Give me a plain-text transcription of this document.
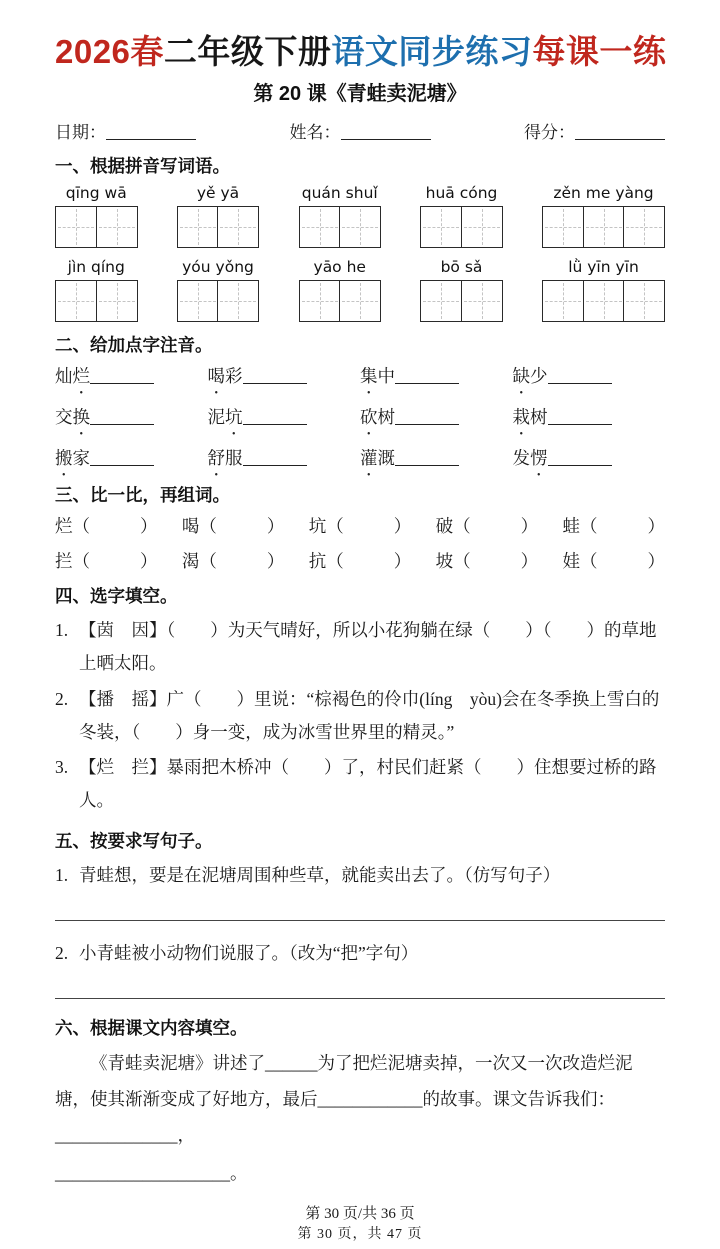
2026春二年级下册语文同步练习每课一练
第 20 课《青蛙卖泥塘》
日期：	姓名：	得分：
一、根据拼音写词语。
qīng wā	yě yā	quán shuǐ	huā cóng	zěn me yàng
jìn qíng	yóu yǒng	yāo he	bō sǎ	lǜ yīn yīn
二、给加点字注音。
灿烂	喝彩	集中	缺少
交换	泥坑	砍树	栽树
搬家	舒服	灌溉	发愣
三、比一比，再组词。
烂（	） 喝（	） 坑（	） 破（	） 蛙（	）
拦（	） 渴（	） 抗（	） 坡（	） 娃（	）
四、选字填空。
1. 【茵　因】（　　）为天气晴好，所以小花狗躺在绿（　　）（　　）的草地上晒太阳。
2. 【播　摇】广（　　）里说：“棕褐色的伶巾(líng　yòu)会在冬季换上雪白的冬装，（　　）身一变，成为冰雪世界里的精灵。”
3. 【烂　拦】暴雨把木桥冲（　　）了，村民们赶紧（　　）住想要过桥的路人。
五、按要求写句子。
1. 青蛙想，要是在泥塘周围种些草，就能卖出去了。（仿写句子）
2. 小青蛙被小动物们说服了。（改为“把”字句）
六、根据课文内容填空。
《青蛙卖泥塘》讲述了______为了把烂泥塘卖掉，一次又一次改造烂泥塘，使其渐渐变成了好地方，最后____________的故事。课文告诉我们：______________，
____________________。
第 30 页/共 36 页
第 30 页，共 47 页
